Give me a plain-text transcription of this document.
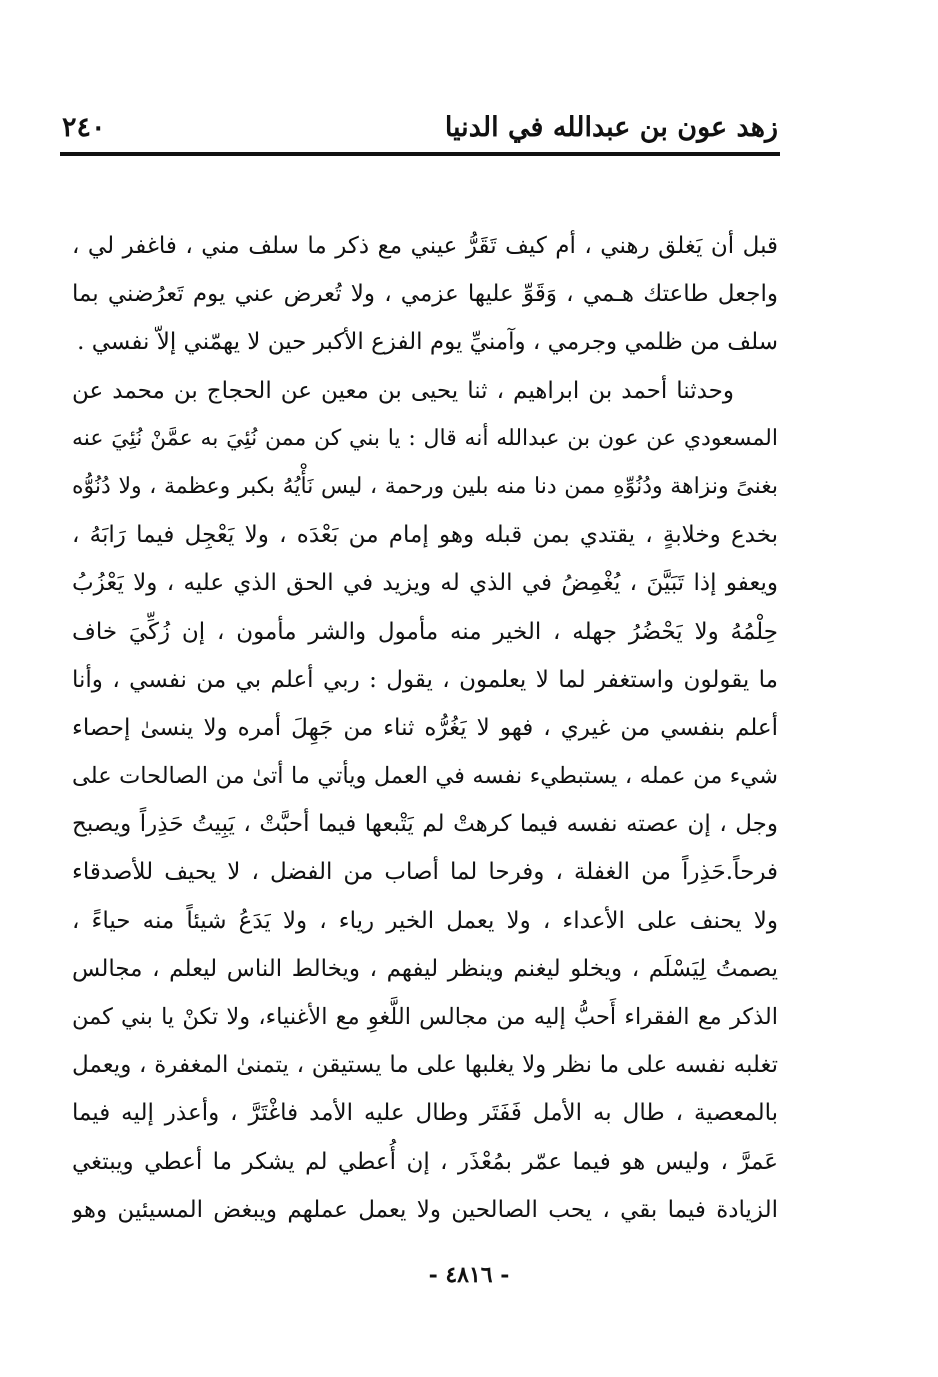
زهد عون بن عبدالله في الدنيا
٢٤٠
قبل أن يَغلق رهني ، أم كيف تَقَرُّ عيني مع ذكر ما سلف مني ، فاغفر لي ،
واجعل طاعتك هـمي ، وَقَوِّ عليها عزمي ، ولا تُعرض عني يوم تَعرُضني بما
سلف من ظلمي وجرمي ، وآمنيِّ يوم الفزع الأكبر حين لا يهمّني إلاّ نفسي .
وحدثنا أحمد بن ابراهيم ، ثنا يحيى بن معين عن الحجاج بن محمد عن
المسعودي عن عون بن عبدالله أنه قال : يا بني كن ممن نُئِيَ به عمَّنْ نُئِيَ عنه
بغنىً ونزاهة ودُنُوِّهِ ممن دنا منه بلين ورحمة ، ليس نَأْيُهُ بكبر وعظمة ، ولا دُنُوُّه
بخدع وخلابةٍ ، يقتدي بمن قبله وهو إمام من بَعْدَه ، ولا يَعْجِل فيما رَابَهُ ،
ويعفو إذا تَبَيَّنَ ، يُغْمِضُ في الذي له ويزيد في الحق الذي عليه ، ولا يَعْزُبُ
حِلْمُهُ ولا يَحْضُرُ جهله ، الخير منه مأمول والشر مأمون ، إن زُكِّيَ خاف
ما يقولون واستغفر لما لا يعلمون ، يقول : ربي أعلم بي من نفسي ، وأنا
أعلم بنفسي من غيري ، فهو لا يَغُرُّه ثناء من جَهِلَ أمره ولا ينسىٰ إحصاء
شيء من عمله ، يستبطيء نفسه في العمل ويأتي ما أتىٰ من الصالحات على
وجل ، إن عصته نفسه فيما كرهتْ لم يَتْبعها فيما أحبَّتْ ، يَبِيتُ حَذِراً ويصبح
فرحاً.حَذِراً من الغفلة ، وفرحا لما أصاب من الفضل ، لا يحيف للأصدقاء
ولا يحنف على الأعداء ، ولا يعمل الخير رياء ، ولا يَدَعُ شيئاً منه حياءً ،
يصمتُ لِيَسْلَم ، ويخلو ليغنم وينظر ليفهم ، ويخالط الناس ليعلم ، مجالس
الذكر مع الفقراء أَحبُّ إليه من مجالس اللَّغوِ مع الأغنياء، ولا تكنْ يا بني كمن
تغلبه نفسه على ما نظر ولا يغلبها على ما يستيقن ، يتمنىٰ المغفرة ، ويعمل
بالمعصية ، طال به الأمل فَفَتَر وطال عليه الأمد فاغْتَرَّ ، وأعذر إليه فيما
عَمرَّ ، وليس هو فيما عمّر بمُعْذَر ، إن أُعطي لم يشكر ما أعطي ويبتغي
الزيادة فيما بقي ، يحب الصالحين ولا يعمل عملهم ويبغض المسيئين وهو
- ٤٨١٦ -
